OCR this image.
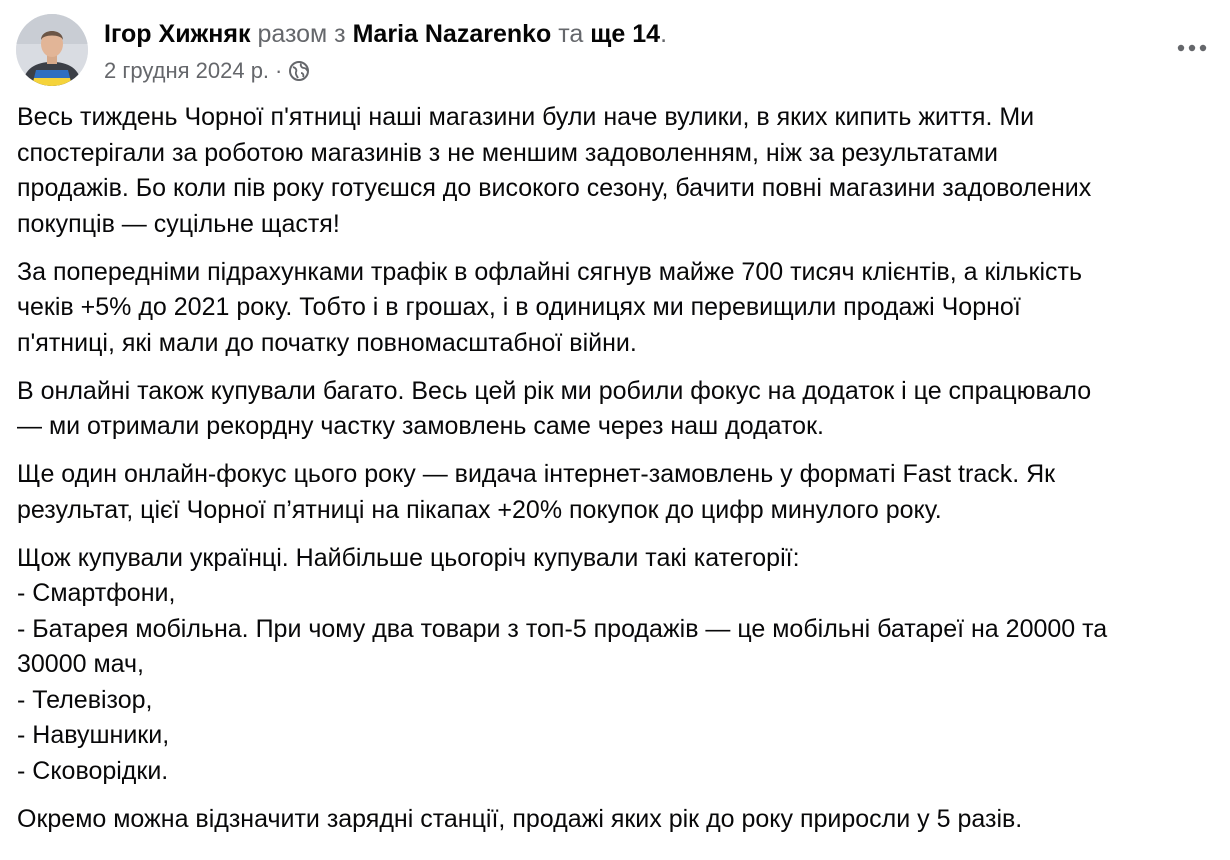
Ігор Хижняк разом з Maria Nazarenko та ще 14.
2 грудня 2024 р. ·

Весь тиждень Чорної п'ятниці наші магазини були наче вулики, в яких кипить життя. Ми
спостерігали за роботою магазинів з не меншим задоволенням, ніж за результатами
продажів. Бо коли пів року готуєшся до високого сезону, бачити повні магазини задоволених
покупців — суцільне щастя!

За попередніми підрахунками трафік в офлайні сягнув майже 700 тисяч клієнтів, а кількість
чеків +5% до 2021 року. Тобто і в грошах, і в одиницях ми перевищили продажі Чорної
п'ятниці, які мали до початку повномасштабної війни.

В онлайні також купували багато. Весь цей рік ми робили фокус на додаток і це спрацювало
— ми отримали рекордну частку замовлень саме через наш додаток.

Ще один онлайн-фокус цього року — видача інтернет-замовлень у форматі Fast track. Як
результат, цієї Чорної п’ятниці на пікапах +20% покупок до цифр минулого року.

Щож купували українці. Найбільше цьогоріч купували такі категорії:
- Смартфони,
- Батарея мобільна. При чому два товари з топ-5 продажів — це мобільні батареї на 20000 та
30000 мач,
- Телевізор,
- Навушники,
- Сковорідки.

Окремо можна відзначити зарядні станції, продажі яких рік до року приросли у 5 разів.
